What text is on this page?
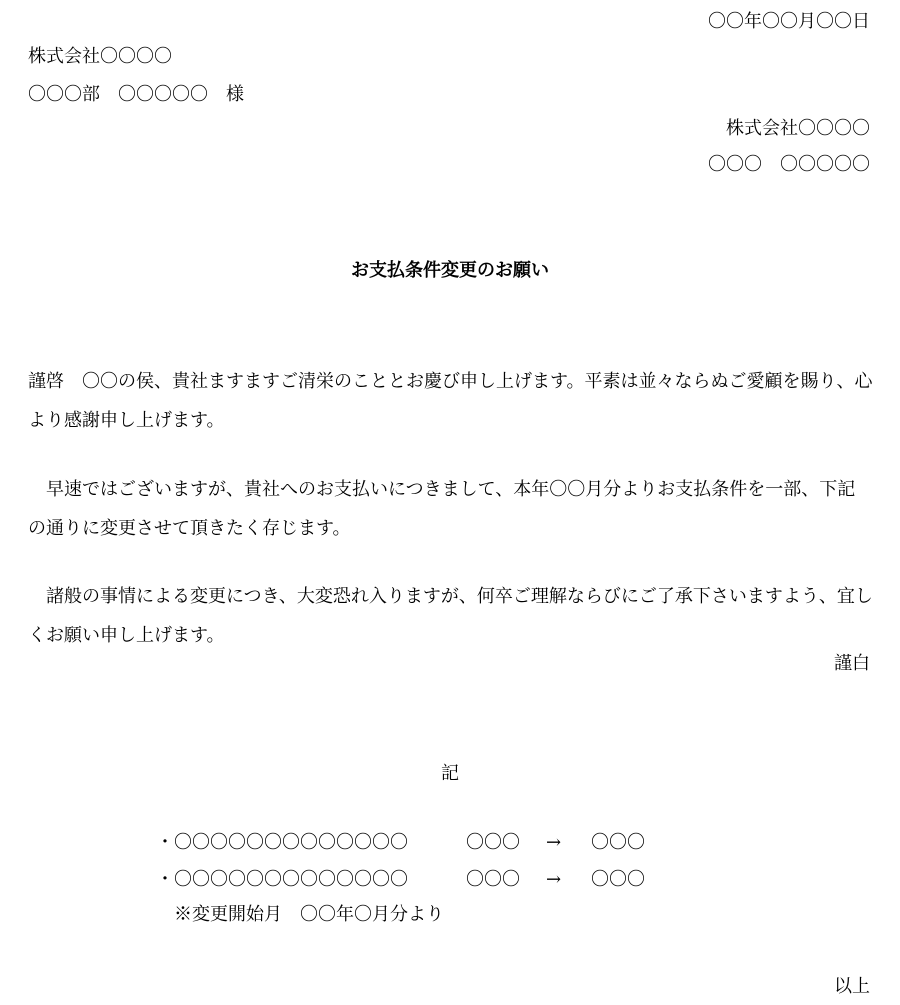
〇〇年〇〇月〇〇日
株式会社〇〇〇〇
〇〇〇部　〇〇〇〇〇　様
株式会社〇〇〇〇
〇〇〇　〇〇〇〇〇
お支払条件変更のお願い
謹啓　〇〇の侯、貴社ますますご清栄のこととお慶び申し上げます。平素は並々ならぬご愛顧を賜り、心より感謝申し上げます。
　早速ではございますが、貴社へのお支払いにつきまして、本年〇〇月分よりお支払条件を一部、下記の通りに変更させて頂きたく存じます。
　諸般の事情による変更につき、大変恐れ入りますが、何卒ご理解ならびにご了承下さいますよう、宜しくお願い申し上げます。
謹白
記
・〇〇〇〇〇〇〇〇〇〇〇〇〇	〇〇〇 → 〇〇〇
・〇〇〇〇〇〇〇〇〇〇〇〇〇	〇〇〇 → 〇〇〇
※変更開始月　〇〇年〇月分より
以上
